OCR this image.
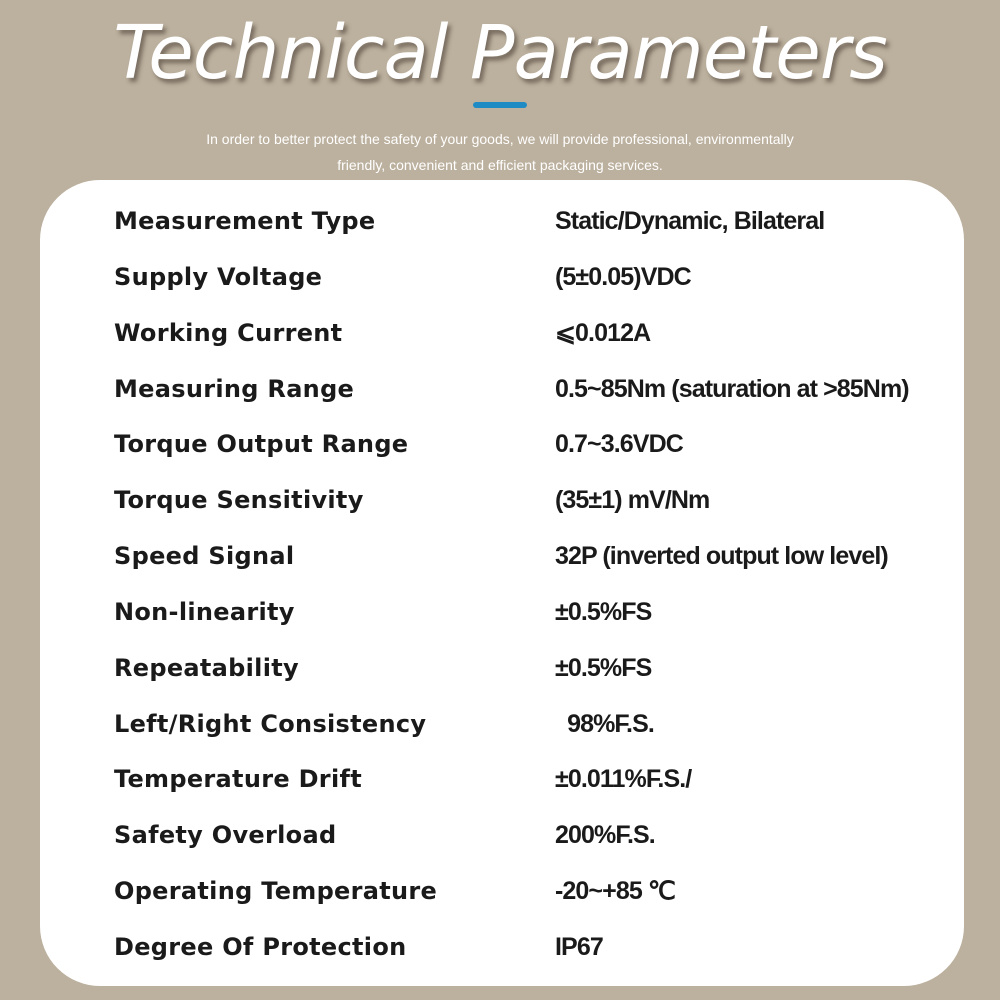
Technical Parameters
In order to better protect the safety of your goods, we will provide professional, environmentally
friendly, convenient and efficient packaging services.
Measurement Type	Static/Dynamic, Bilateral
Supply Voltage	(5±0.05)VDC
Working Current	⩽0.012A
Measuring Range	0.5~85Nm (saturation at >85Nm)
Torque Output Range	0.7~3.6VDC
Torque Sensitivity	(35±1) mV/Nm
Speed Signal	32P (inverted output low level)
Non-linearity	±0.5%FS
Repeatability	±0.5%FS
Left/Right Consistency	98%F.S.
Temperature Drift	±0.011%F.S./
Safety Overload	200%F.S.
Operating Temperature	-20~+85 ℃
Degree Of Protection	IP67
